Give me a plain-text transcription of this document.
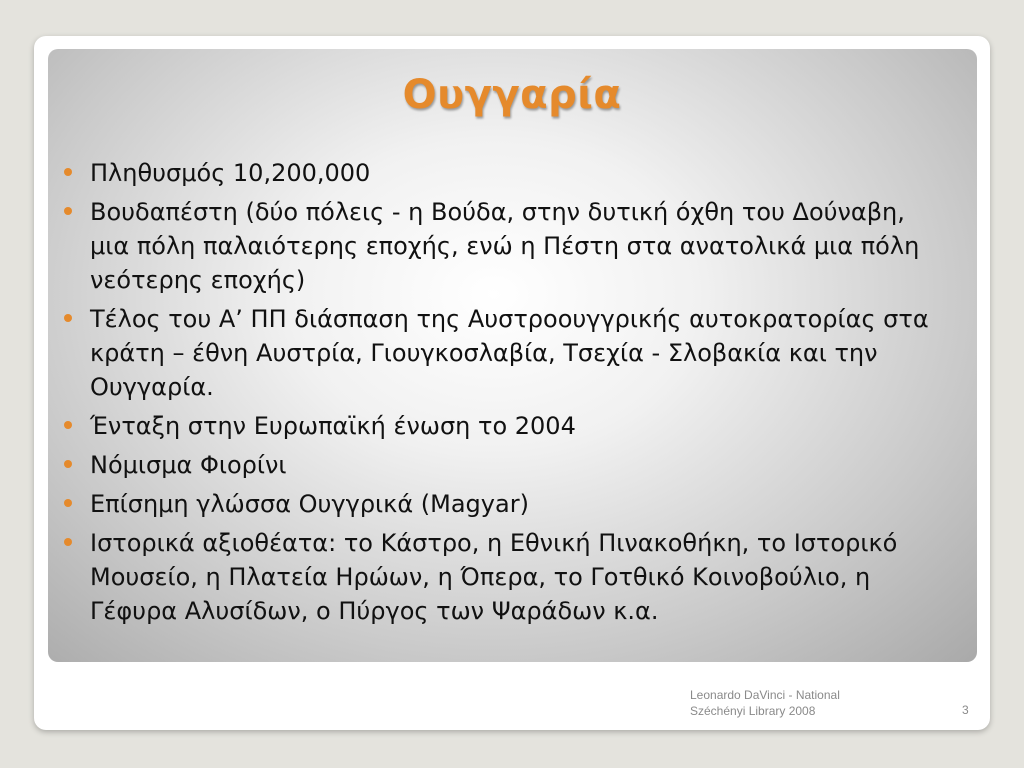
Ουγγαρία
Πληθυσμός 10,200,000
Βουδαπέστη (δύο πόλεις - η Βούδα, στην δυτική όχθη του Δούναβη, μια πόλη παλαιότερης εποχής, ενώ η Πέστη στα ανατολικά μια πόλη νεότερης εποχής)
Τέλος του Α’ ΠΠ διάσπαση της Αυστροουγγρικής αυτοκρατορίας στα κράτη – έθνη Αυστρία, Γιουγκοσλαβία, Τσεχία - Σλοβακία και την Ουγγαρία.
Ένταξη στην Ευρωπαϊκή ένωση το 2004
Νόμισμα Φιορίνι
Επίσημη γλώσσα Ουγγρικά (Magyar)
Ιστορικά αξιοθέατα: το Κάστρο, η Εθνική Πινακοθήκη, το Ιστορικό Μουσείο, η Πλατεία Ηρώων, η Όπερα, το Γοτθικό Κοινοβούλιο, η Γέφυρα Αλυσίδων, ο Πύργος των Ψαράδων κ.α.
Leonardo DaVinci - National
Széchényi Library 2008	3
